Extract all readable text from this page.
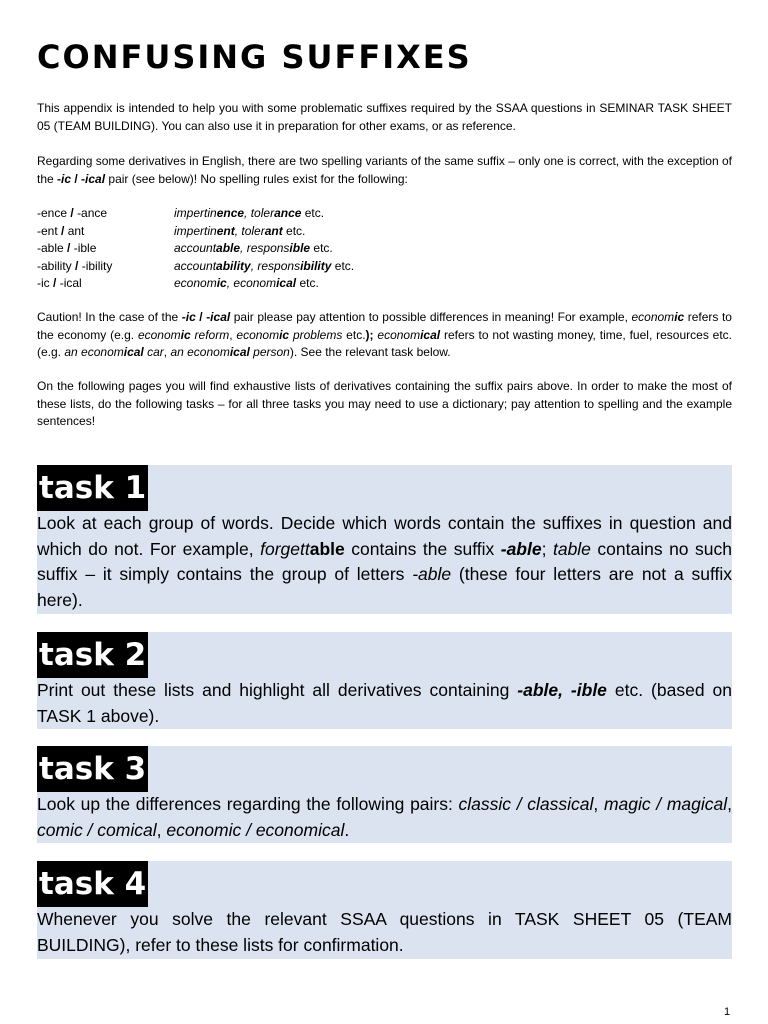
CONFUSING SUFFIXES

This appendix is intended to help you with some problematic suffixes required by the SSAA questions in SEMINAR TASK SHEET 05 (TEAM BUILDING). You can also use it in preparation for other exams, or as reference.

Regarding some derivatives in English, there are two spelling variants of the same suffix – only one is correct, with the exception of the -ic / -ical pair (see below)! No spelling rules exist for the following:

-ence / -ance	impertinence, tolerance etc.
-ent / ant	impertinent, tolerant etc.
-able / -ible	accountable, responsible etc.
-ability / -ibility	accountability, responsibility etc.
-ic / -ical	economic, economical etc.

Caution! In the case of the -ic / -ical pair please pay attention to possible differences in meaning! For example, economic refers to the economy (e.g. economic reform, economic problems etc.); economical refers to not wasting money, time, fuel, resources etc. (e.g. an economical car, an economical person). See the relevant task below.

On the following pages you will find exhaustive lists of derivatives containing the suffix pairs above. In order to make the most of these lists, do the following tasks – for all three tasks you may need to use a dictionary; pay attention to spelling and the example sentences!

task 1

Look at each group of words. Decide which words contain the suffixes in question and which do not. For example, forgettable contains the suffix -able; table contains no such suffix – it simply contains the group of letters -able (these four letters are not a suffix here).

task 2

Print out these lists and highlight all derivatives containing -able, -ible etc. (based on TASK 1 above).

task 3

Look up the differences regarding the following pairs: classic / classical, magic / magical, comic / comical, economic / economical.

task 4

Whenever you solve the relevant SSAA questions in TASK SHEET 05 (TEAM BUILDING), refer to these lists for confirmation.

1
